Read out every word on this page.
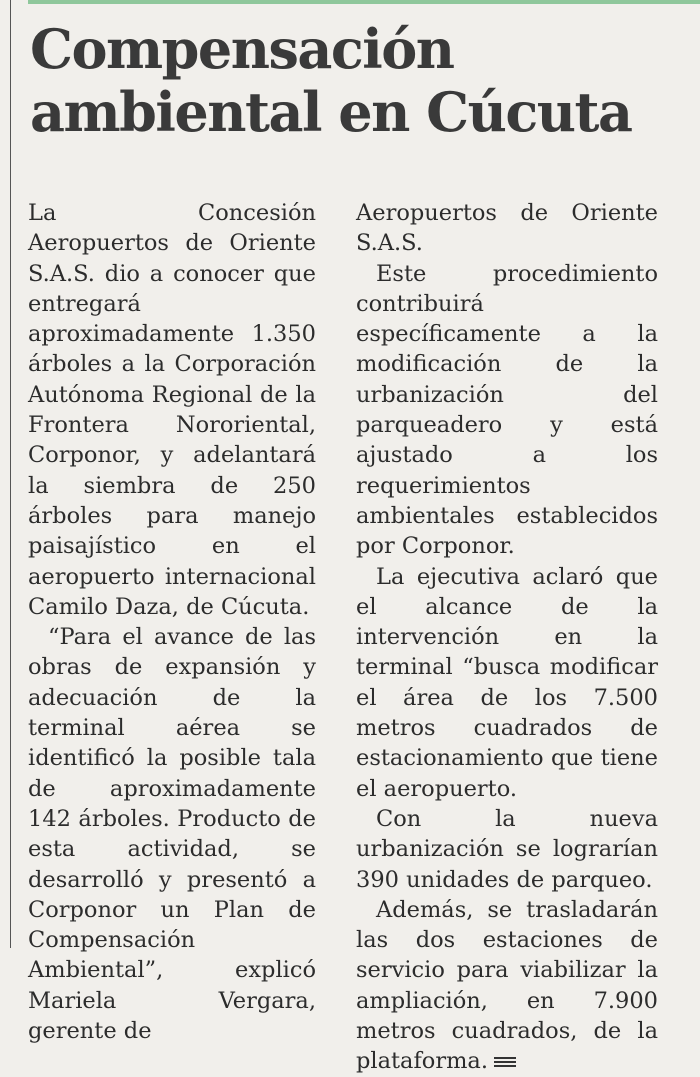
Compensación ambiental en Cúcuta

La Concesión Aeropuertos de Oriente S.A.S. dio a conocer que entregará aproximadamente 1.350 árboles a la Corporación Autónoma Regional de la Frontera Nororiental, Corponor, y adelantará la siembra de 250 árboles para manejo paisajístico en el aeropuerto internacional Camilo Daza, de Cúcuta.

“Para el avance de las obras de expansión y adecuación de la terminal aérea se identificó la posible tala de aproximadamente 142 árboles. Producto de esta actividad, se desarrolló y presentó a Corponor un Plan de Compensación Ambiental”, explicó Mariela Vergara, gerente de

Aeropuertos de Oriente S.A.S.

Este procedimiento contribuirá específicamente a la modificación de la urbanización del parqueadero y está ajustado a los requerimientos ambientales establecidos por Corponor.

La ejecutiva aclaró que el alcance de la intervención en la terminal “busca modificar el área de los 7.500 metros cuadrados de estacionamiento que tiene el aeropuerto.

Con la nueva urbanización se lograrían 390 unidades de parqueo.

Además, se trasladarán las dos estaciones de servicio para viabilizar la ampliación, en 7.900 metros cuadrados, de la plataforma.
